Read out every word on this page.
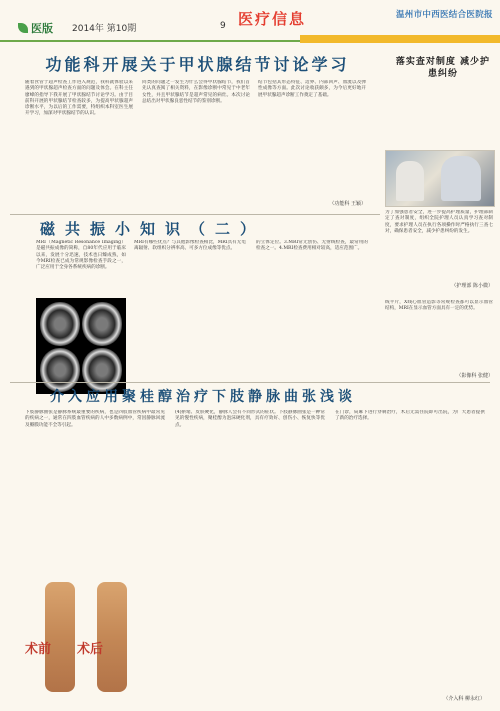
医版 2014年 第10期	9 医疗信息	温州市中西医结合医院报
功能科开展关于甲状腺结节讨论学习
随着食管于超声检查工作进入规范，我科就体验以来遇到的甲状腺超声检查方面的问题及体会。在科主任廖峰的指导下我开展了甲状腺结节讨论学习。由于目前科开展的甲状腺结节检查较多，为提高甲状腺超声诊断水平，为以后的工作需要，特组织本科室医生展开学习，加深对甲状腺结节的认识。
同类的问题之一发生为什么会得甲状腺结节，我们首先认真查阅了相关资料，在影像诊断中常见于中老年女性，并且甲状腺结节是超声常见的病灶。本次讨论总结出对甲状腺良恶性结节的鉴别诊断。
结节包括其形态特征、边界、内部回声、血流以及弹性成像等方面。此次讨论收获颇多，为今后更好地开展甲状腺超声诊断工作奠定了基础。
（功能科 王颖）
落实查对制度 减少护患纠纷
为了加强患者安全，进一步提高护理质量，护理部制定了查对制度，组织全院护理人员认真学习查对制度，要求护理人员在执行各项操作时严格执行三查七对，确保患者安全，减少护患纠纷的发生。
（护理部 陈小微）
磁共振小知识（二）
MRI（Magnetic Resonance Imaging）是磁共振成像的简称，自80年代应用于临床以来，发展十分迅速，技术也日臻成熟，如今MRI检查已成为常规影像检查手段之一，广泛应用于全身各系统疾病的诊断。
MRI有哪些优点？与其他影像检查相比，MRI具有无电离辐射、软组织分辨率高、可多方位成像等优点。
的立体定位。3.MRI常无创伤、无射线检查，最常用的检查之一。4.MRI检查费用相对较高，适应范围广。
线平片，X线心血管造影等常规检查都可以显示血管结构，MRI在显示血管方面具有一定的优势。
（影像科 张健）
介入应用聚桂醇治疗下肢静脉曲张浅谈
下肢静脉曲张是静脉系统最重要的疾病，也是四肢血管疾病中最常见的疾病之一，通常在四肢血管疾病的人中多数病例中，常因静脉回流及瓣膜功能不全等引起。
(4)瘀堵、皮肤硬化，静脉人会有不同形式的症状。下肢静脉曲张是一种常见的慢性疾病，聚桂醇为泡沫硬化剂，具有疗效好、创伤小、恢复快等优点。
在门诊，局麻下进行穿刺治疗，术后无需住院即可出院，为广大患者提供了新的治疗选择。
（介入科 柳永红）
术前 术后
